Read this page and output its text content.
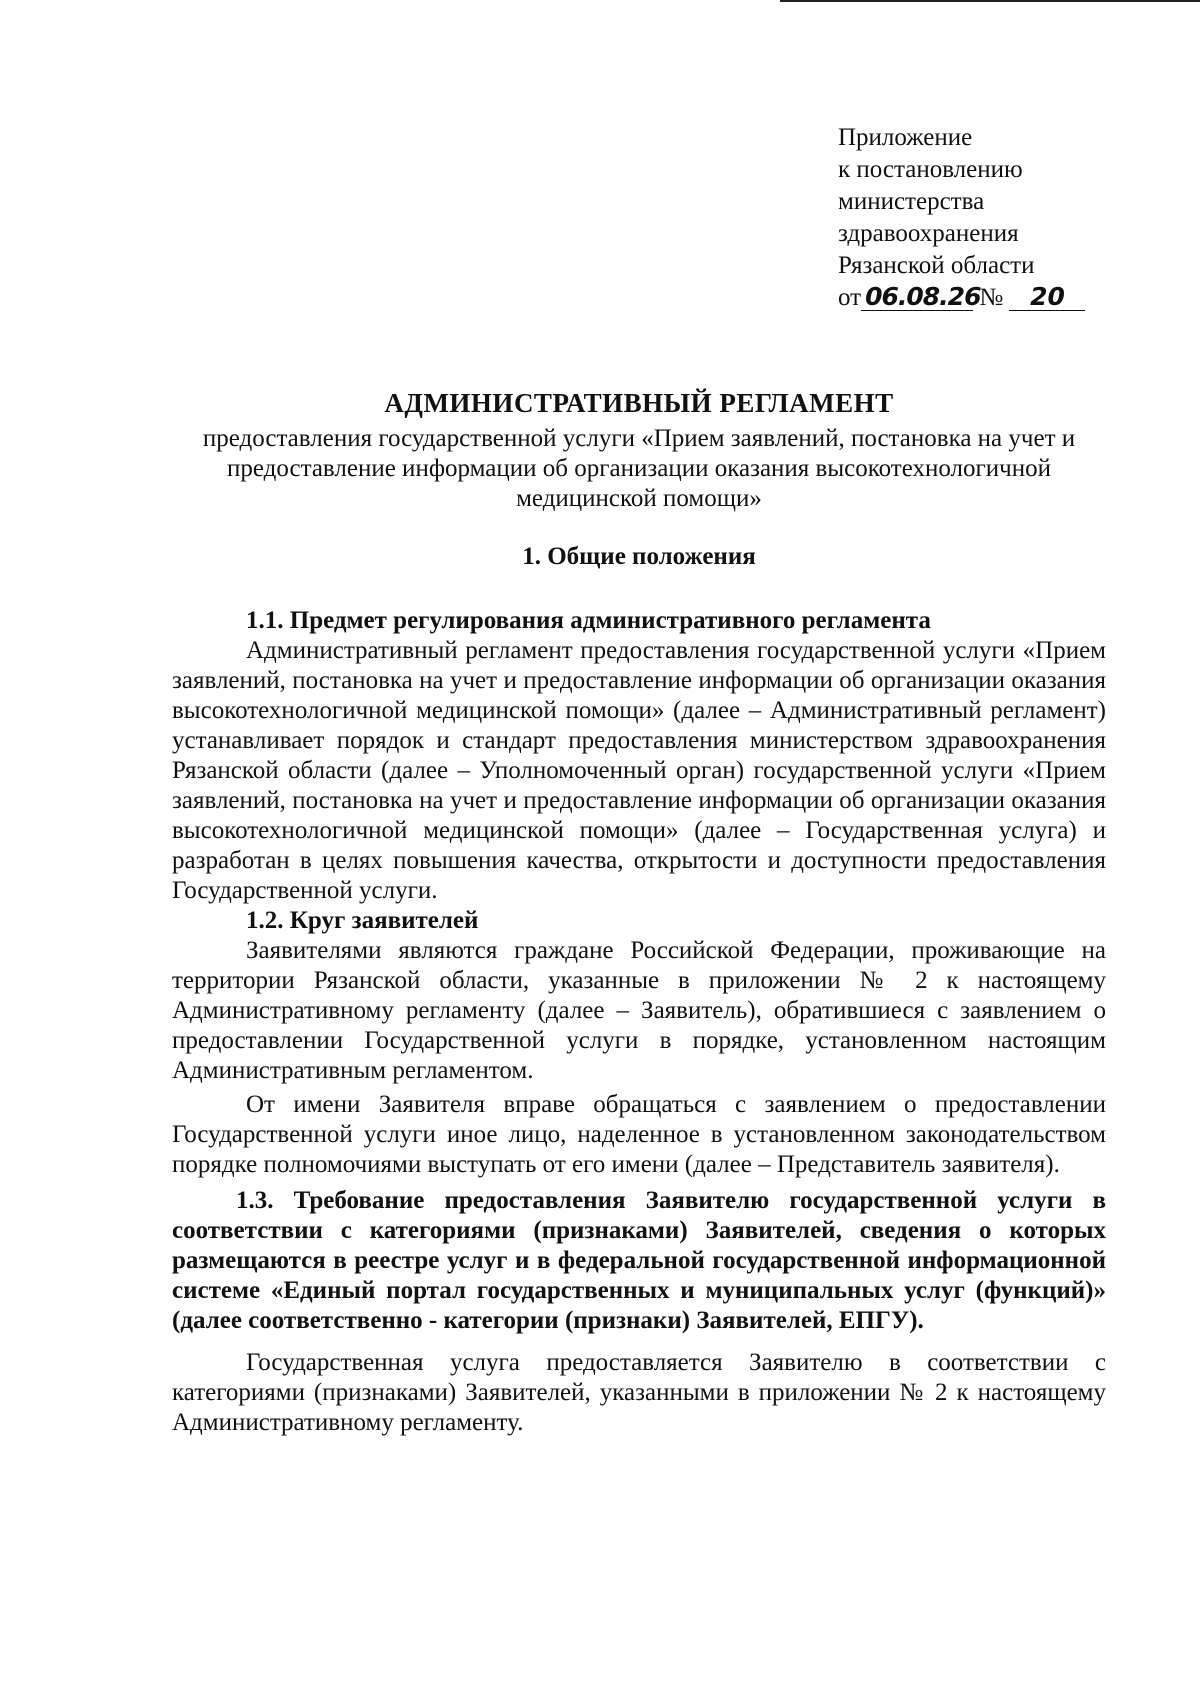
Приложение
к постановлению
министерства
здравоохранения
Рязанской области
от 06.08.26 № 20
АДМИНИСТРАТИВНЫЙ РЕГЛАМЕНТ
предоставления государственной услуги «Прием заявлений, постановка на учет и предоставление информации об организации оказания высокотехнологичной медицинской помощи»
1. Общие положения
1.1. Предмет регулирования административного регламента

Административный регламент предоставления государственной услуги «Прием заявлений, постановка на учет и предоставление информации об организации оказания высокотехнологичной медицинской помощи» (далее – Административный регламент) устанавливает порядок и стандарт предоставления министерством здравоохранения Рязанской области (далее – Уполномоченный орган) государственной услуги «Прием заявлений, постановка на учет и предоставление информации об организации оказания высокотехнологичной медицинской помощи» (далее – Государственная услуга) и разработан в целях повышения качества, открытости и доступности предоставления Государственной услуги.

1.2. Круг заявителей

Заявителями являются граждане Российской Федерации, проживающие на территории Рязанской области, указанные в приложении № 2 к настоящему Административному регламенту (далее – Заявитель), обратившиеся с заявлением о предоставлении Государственной услуги в порядке, установленном настоящим Административным регламентом.

От имени Заявителя вправе обращаться с заявлением о предоставлении Государственной услуги иное лицо, наделенное в установленном законодательством порядке полномочиями выступать от его имени (далее – Представитель заявителя).

1.3. Требование предоставления Заявителю государственной услуги в соответствии с категориями (признаками) Заявителей, сведения о которых размещаются в реестре услуг и в федеральной государственной информационной системе «Единый портал государственных и муниципальных услуг (функций)» (далее соответственно - категории (признаки) Заявителей, ЕПГУ).

Государственная услуга предоставляется Заявителю в соответствии с категориями (признаками) Заявителей, указанными в приложении № 2 к настоящему Административному регламенту.
